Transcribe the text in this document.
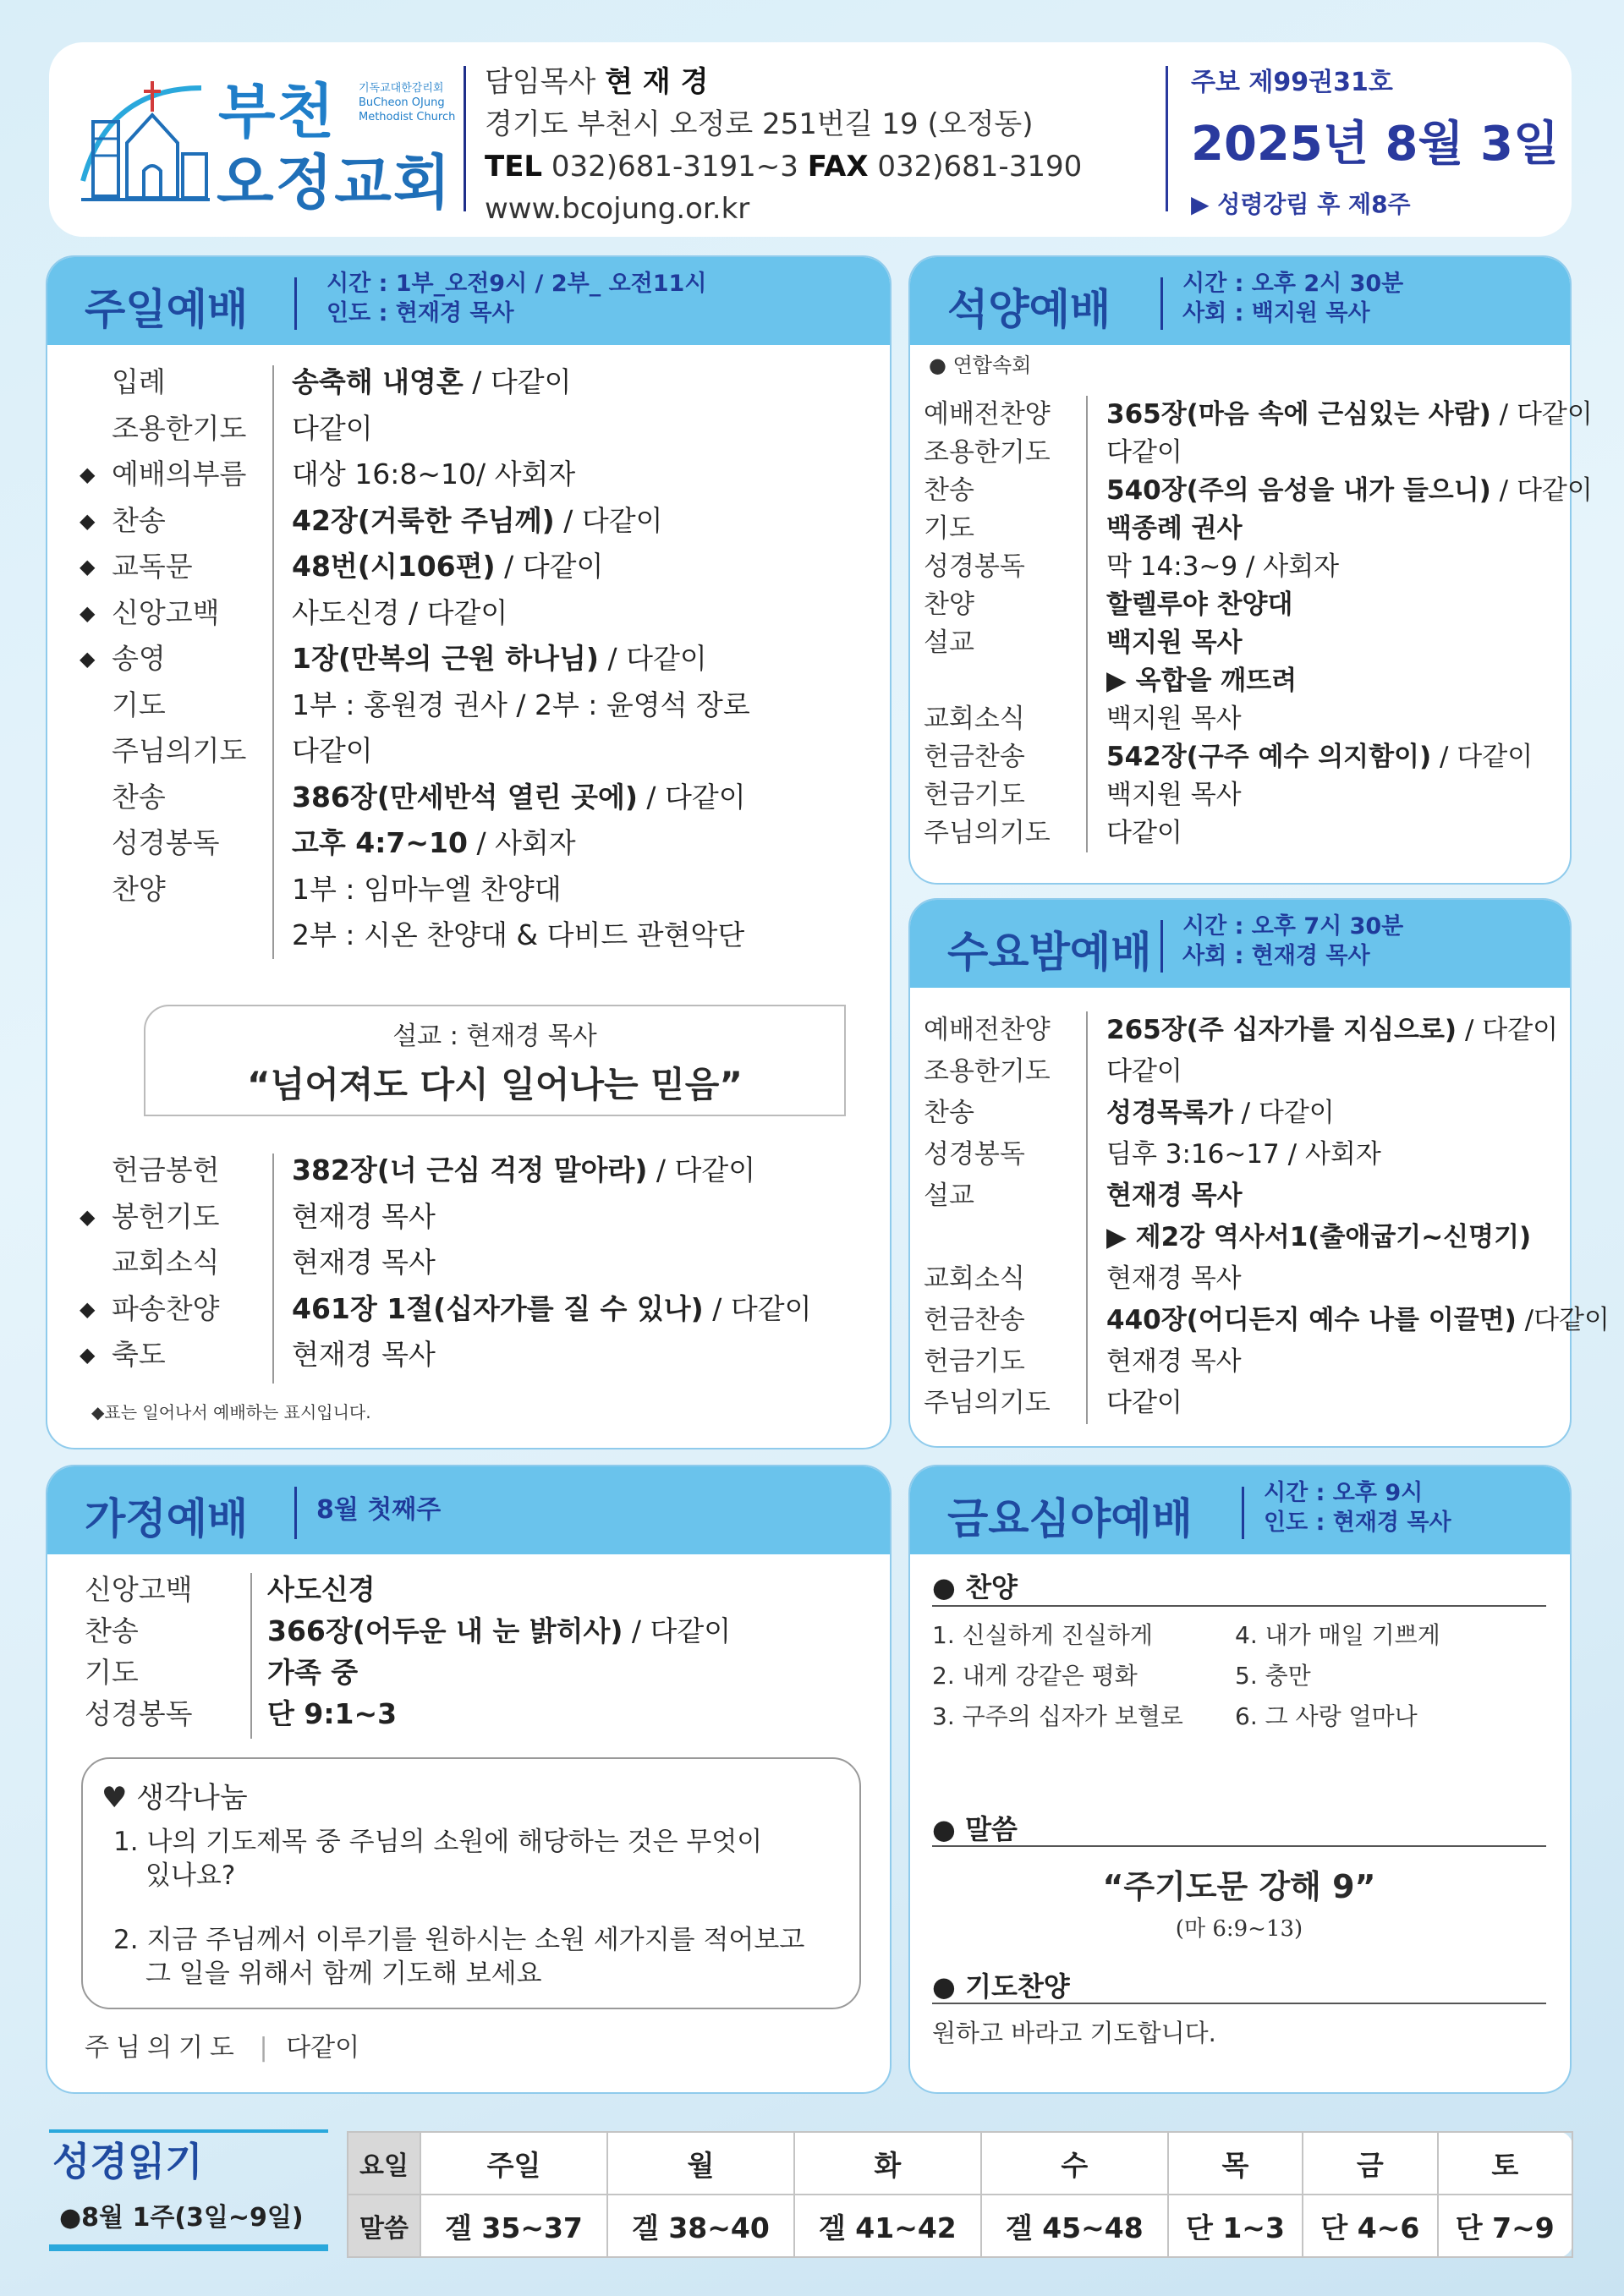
부천
오정교회
기독교대한감리회
BuCheon OJung
Methodist Church
담임목사 현 재 경
경기도 부천시 오정로 251번길 19 (오정동)
TEL 032)681-3191~3 FAX 032)681-3190
www.bcojung.or.kr
주보 제99권31호
2025년 8월 3일
▶ 성령강림 후 제8주
주일예배
시간 : 1부_오전9시 / 2부_ 오전11시
인도 : 현재경 목사
입례	송축해 내영혼 / 다같이
조용한기도	다같이
◆ 예배의부름	대상 16:8~10/ 사회자
◆ 찬송	42장(거룩한 주님께) / 다같이
◆ 교독문	48번(시106편) / 다같이
◆ 신앙고백	사도신경 / 다같이
◆ 송영	1장(만복의 근원 하나님) / 다같이
기도	1부 : 홍원경 권사 / 2부 : 윤영석 장로
주님의기도	다같이
찬송	386장(만세반석 열린 곳에) / 다같이
성경봉독	고후 4:7~10 / 사회자
찬양	1부 : 임마누엘 찬양대
2부 : 시온 찬양대 & 다비드 관현악단
헌금봉헌	382장(너 근심 걱정 말아라) / 다같이
◆ 봉헌기도	현재경 목사
교회소식	현재경 목사
◆ 파송찬양	461장 1절(십자가를 질 수 있나) / 다같이
◆ 축도	현재경 목사
설교 : 현재경 목사
“넘어져도 다시 일어나는 믿음”
◆표는 일어나서 예배하는 표시입니다.
석양예배
시간 : 오후 2시 30분
사회 : 백지원 목사
● 연합속회
예배전찬양	365장(마음 속에 근심있는 사람) / 다같이
조용한기도	다같이
찬송	540장(주의 음성을 내가 들으니) / 다같이
기도	백종례 권사
성경봉독	막 14:3~9 / 사회자
찬양	할렐루야 찬양대
설교	백지원 목사
▶ 옥합을 깨뜨려
교회소식	백지원 목사
헌금찬송	542장(구주 예수 의지함이) / 다같이
헌금기도	백지원 목사
주님의기도	다같이
수요밤예배
시간 : 오후 7시 30분
사회 : 현재경 목사
예배전찬양	265장(주 십자가를 지심으로) / 다같이
조용한기도	다같이
찬송	성경목록가 / 다같이
성경봉독	딤후 3:16~17 / 사회자
설교	현재경 목사
▶ 제2강 역사서1(출애굽기~신명기)
교회소식	현재경 목사
헌금찬송	440장(어디든지 예수 나를 이끌면) /다같이
헌금기도	현재경 목사
주님의기도	다같이
가정예배	8월 첫째주
신앙고백	사도신경
찬송	366장(어두운 내 눈 밝히사) / 다같이
기도	가족 중
성경봉독	단 9:1~3
♥ 생각나눔
1. 나의 기도제목 중 주님의 소원에 해당하는 것은 무엇이
있나요?
2. 지금 주님께서 이루기를 원하시는 소원 세가지를 적어보고
그 일을 위해서 함께 기도해 보세요
주님의기도 | 다같이
금요심야예배
시간 : 오후 9시
인도 : 현재경 목사
● 찬양
1. 신실하게 진실하게
2. 내게 강같은 평화
3. 구주의 십자가 보혈로
4. 내가 매일 기쁘게
5. 충만
6. 그 사랑 얼마나
● 말씀
“주기도문 강해 9”
(마 6:9~13)
● 기도찬양
원하고 바라고 기도합니다.
성경읽기
●8월 1주(3일~9일)
요일	주일	월	화	수	목	금	토
말씀	겔 35~37	겔 38~40	겔 41~42	겔 45~48	단 1~3	단 4~6	단 7~9
